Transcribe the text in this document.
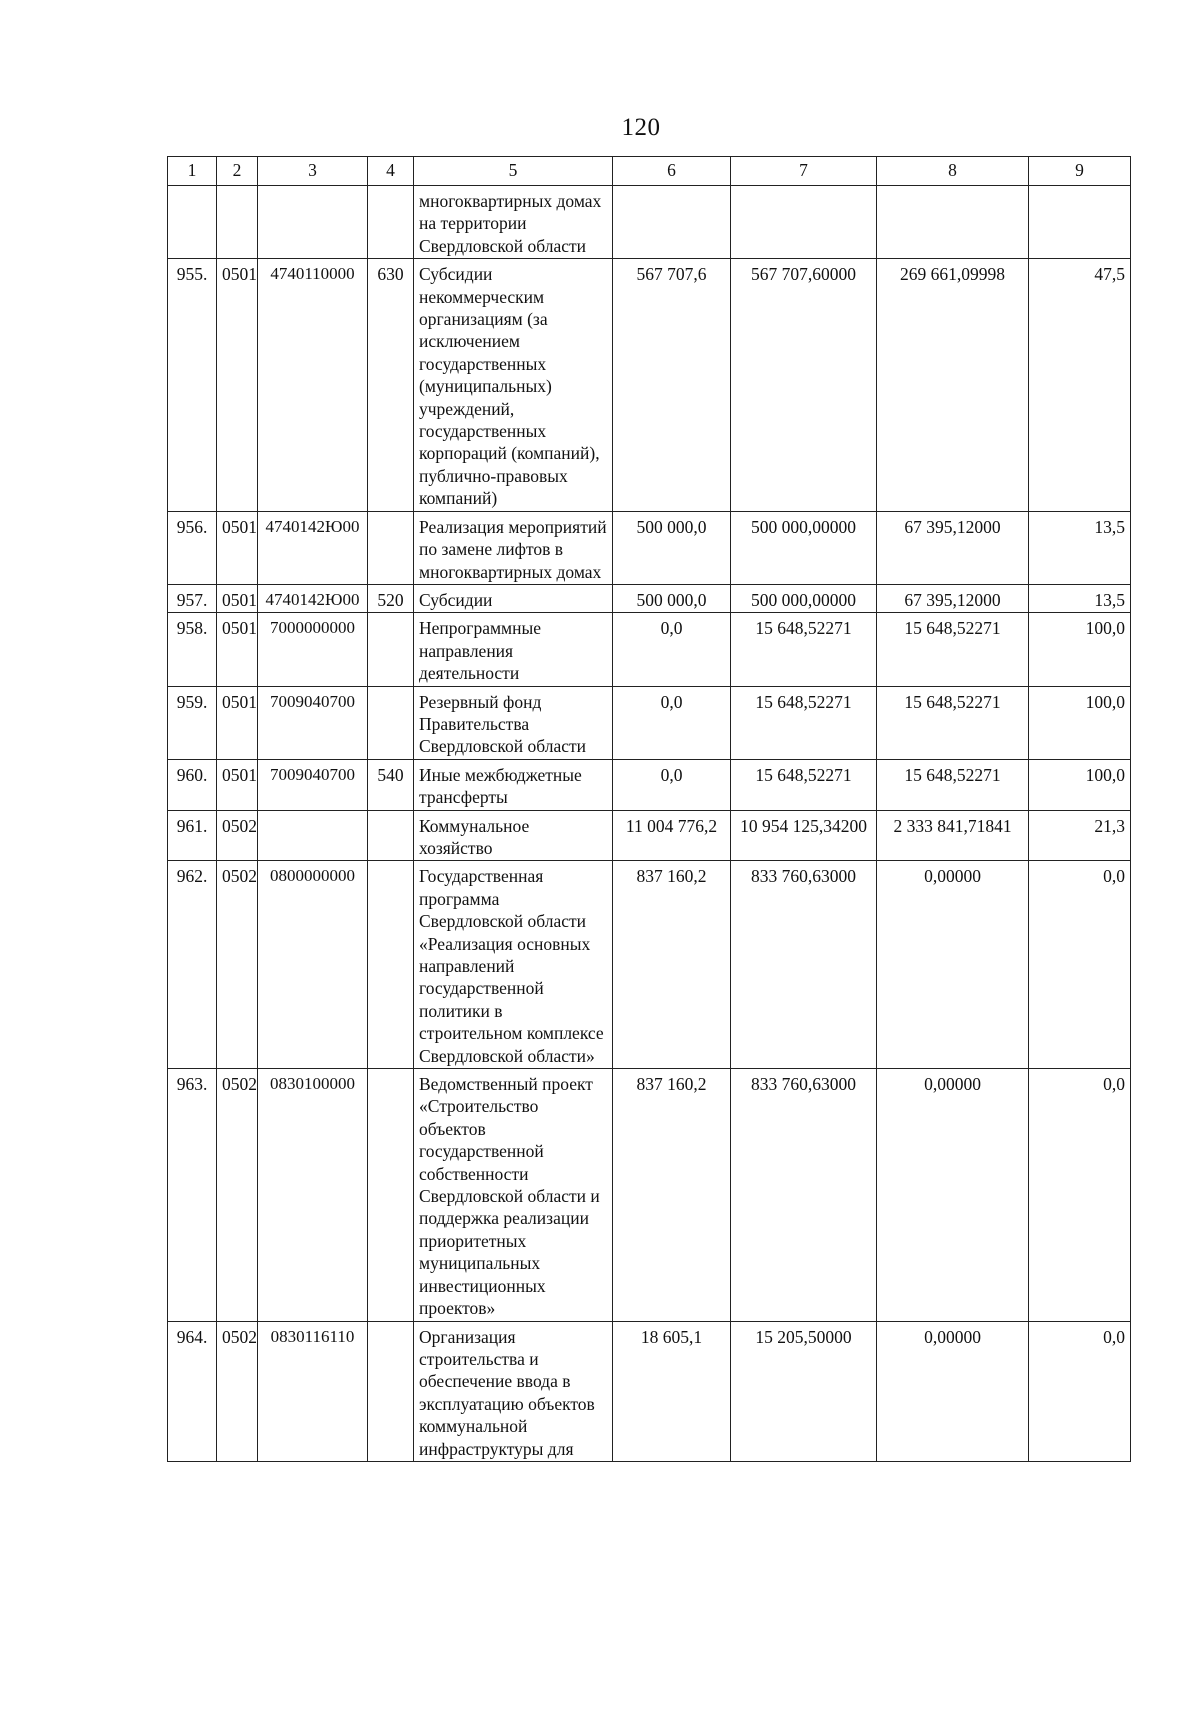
120
1	2	3	4	5	6	7	8	9
				многоквартирных домах на территории Свердловской области				
955.	0501	4740110000	630	Субсидии некоммерческим организациям (за исключением государственных (муниципальных) учреждений, государственных корпораций (компаний), публично-правовых компаний)	567 707,6	567 707,60000	269 661,09998	47,5
956.	0501	4740142Ю00		Реализация мероприятий по замене лифтов в многоквартирных домах	500 000,0	500 000,00000	67 395,12000	13,5
957.	0501	4740142Ю00	520	Субсидии	500 000,0	500 000,00000	67 395,12000	13,5
958.	0501	7000000000		Непрограммные направления деятельности	0,0	15 648,52271	15 648,52271	100,0
959.	0501	7009040700		Резервный фонд Правительства Свердловской области	0,0	15 648,52271	15 648,52271	100,0
960.	0501	7009040700	540	Иные межбюджетные трансферты	0,0	15 648,52271	15 648,52271	100,0
961.	0502			Коммунальное хозяйство	11 004 776,2	10 954 125,34200	2 333 841,71841	21,3
962.	0502	0800000000		Государственная программа Свердловской области «Реализация основных направлений государственной политики в строительном комплексе Свердловской области»	837 160,2	833 760,63000	0,00000	0,0
963.	0502	0830100000		Ведомственный проект «Строительство объектов государственной собственности Свердловской области и поддержка реализации приоритетных муниципальных инвестиционных проектов»	837 160,2	833 760,63000	0,00000	0,0
964.	0502	0830116110		Организация строительства и обеспечение ввода в эксплуатацию объектов коммунальной инфраструктуры для	18 605,1	15 205,50000	0,00000	0,0
